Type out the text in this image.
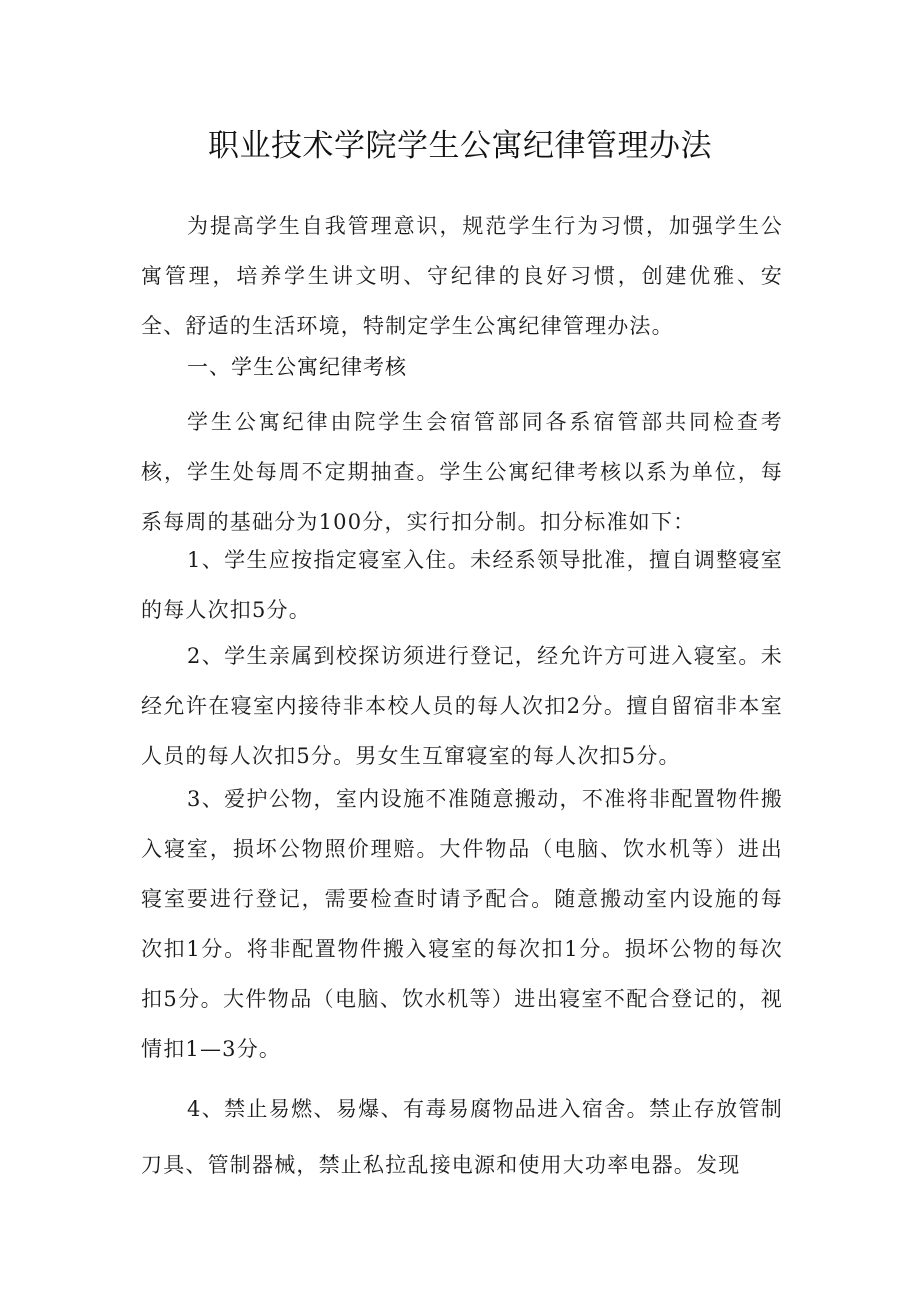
职业技术学院学生公寓纪律管理办法
为提高学生自我管理意识，规范学生行为习惯，加强学生公寓管理，培养学生讲文明、守纪律的良好习惯，创建优雅、安全、舒适的生活环境，特制定学生公寓纪律管理办法。
一、学生公寓纪律考核
学生公寓纪律由院学生会宿管部同各系宿管部共同检查考核，学生处每周不定期抽查。学生公寓纪律考核以系为单位，每系每周的基础分为100分，实行扣分制。扣分标准如下：
1、学生应按指定寝室入住。未经系领导批准，擅自调整寝室的每人次扣5分。
2、学生亲属到校探访须进行登记，经允许方可进入寝室。未经允许在寝室内接待非本校人员的每人次扣2分。擅自留宿非本室人员的每人次扣5分。男女生互窜寝室的每人次扣5分。
3、爱护公物，室内设施不准随意搬动，不准将非配置物件搬入寝室，损坏公物照价理赔。大件物品（电脑、饮水机等）进出寝室要进行登记，需要检查时请予配合。随意搬动室内设施的每次扣1分。将非配置物件搬入寝室的每次扣1分。损坏公物的每次扣5分。大件物品（电脑、饮水机等）进出寝室不配合登记的，视情扣1—3分。
4、禁止易燃、易爆、有毒易腐物品进入宿舍。禁止存放管制刀具、管制器械，禁止私拉乱接电源和使用大功率电器。发现
